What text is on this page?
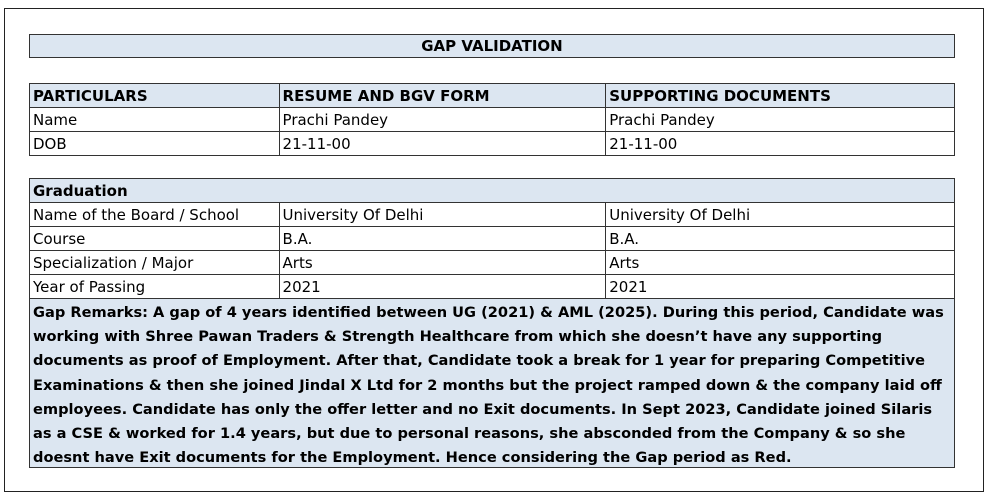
GAP VALIDATION
PARTICULARS	RESUME AND BGV FORM	SUPPORTING DOCUMENTS
Name	Prachi Pandey	Prachi Pandey
DOB	21-11-00	21-11-00
Graduation		
Name of the Board / School	University Of Delhi	University Of Delhi
Course	B.A.	B.A.
Specialization / Major	Arts	Arts
Year of Passing	2021	2021
Gap Remarks: A gap of 4 years identified between UG (2021) & AML (2025). During this period, Candidate was working with Shree Pawan Traders & Strength Healthcare from which she doesn’t have any supporting documents as proof of Employment. After that, Candidate took a break for 1 year for preparing Competitive Examinations & then she joined Jindal X Ltd for 2 months but the project ramped down & the company laid off employees. Candidate has only the offer letter and no Exit documents. In Sept 2023, Candidate joined Silaris as a CSE & worked for 1.4 years, but due to personal reasons, she absconded from the Company & so she doesnt have Exit documents for the Employment. Hence considering the Gap period as Red.
